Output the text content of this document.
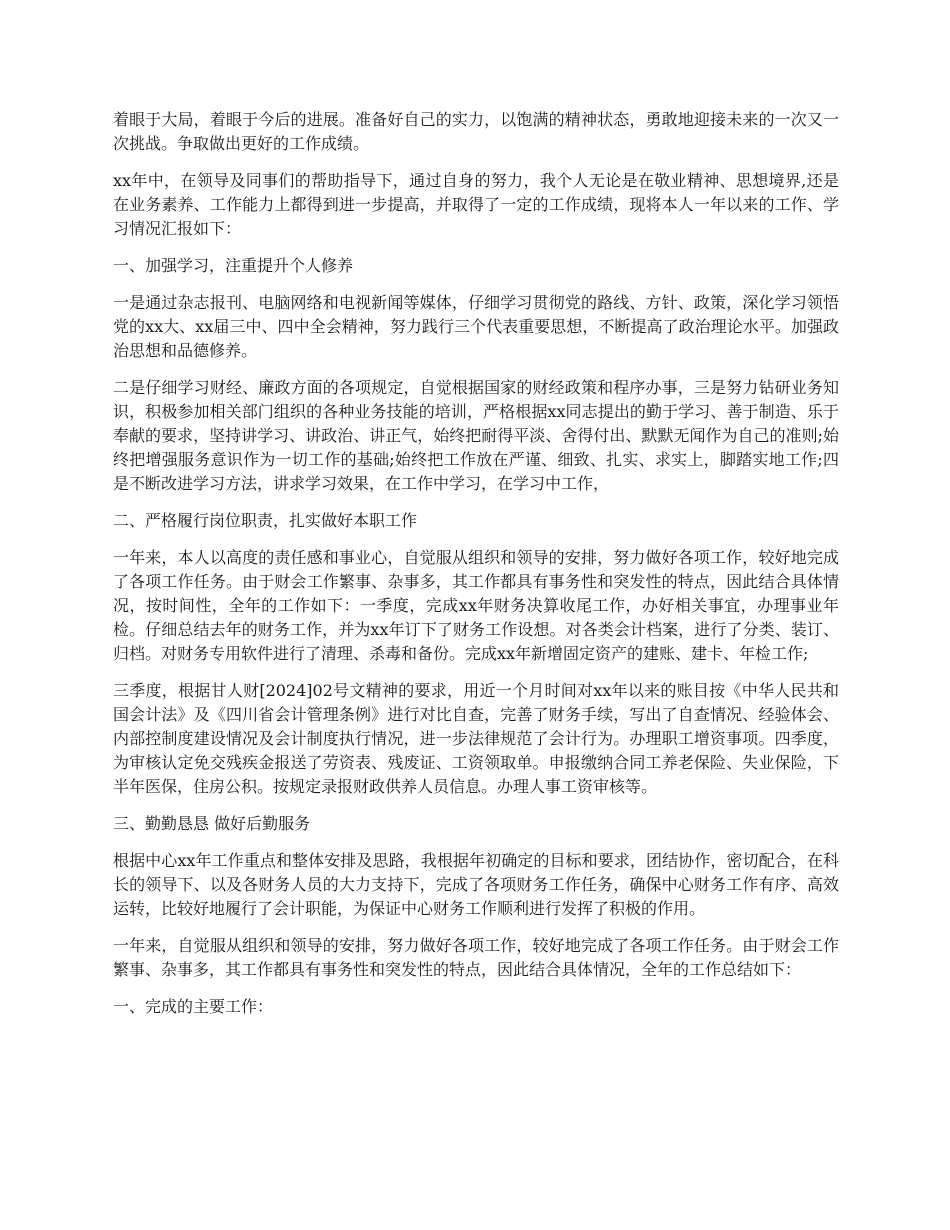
着眼于大局，着眼于今后的进展。准备好自己的实力，以饱满的精神状态，勇敢地迎接未来的一次又一次挑战。争取做出更好的工作成绩。

xx年中，在领导及同事们的帮助指导下，通过自身的努力，我个人无论是在敬业精神、思想境界,还是在业务素养、工作能力上都得到进一步提高，并取得了一定的工作成绩，现将本人一年以来的工作、学习情况汇报如下：

一、加强学习，注重提升个人修养

一是通过杂志报刊、电脑网络和电视新闻等媒体，仔细学习贯彻党的路线、方针、政策，深化学习领悟党的xx大、xx届三中、四中全会精神，努力践行三个代表重要思想，不断提高了政治理论水平。加强政治思想和品德修养。

二是仔细学习财经、廉政方面的各项规定，自觉根据国家的财经政策和程序办事，三是努力钻研业务知识，积极参加相关部门组织的各种业务技能的培训，严格根据xx同志提出的勤于学习、善于制造、乐于奉献的要求，坚持讲学习、讲政治、讲正气，始终把耐得平淡、舍得付出、默默无闻作为自己的准则;始终把增强服务意识作为一切工作的基础;始终把工作放在严谨、细致、扎实、求实上，脚踏实地工作;四是不断改进学习方法，讲求学习效果，在工作中学习，在学习中工作，

二、严格履行岗位职责，扎实做好本职工作

一年来，本人以高度的责任感和事业心，自觉服从组织和领导的安排，努力做好各项工作，较好地完成了各项工作任务。由于财会工作繁事、杂事多，其工作都具有事务性和突发性的特点，因此结合具体情况，按时间性，全年的工作如下：一季度，完成xx年财务决算收尾工作，办好相关事宜，办理事业年检。仔细总结去年的财务工作，并为xx年订下了财务工作设想。对各类会计档案，进行了分类、装订、归档。对财务专用软件进行了清理、杀毒和备份。完成xx年新增固定资产的建账、建卡、年检工作;

三季度，根据甘人财[2024]02号文精神的要求，用近一个月时间对xx年以来的账目按《中华人民共和国会计法》及《四川省会计管理条例》进行对比自查，完善了财务手续，写出了自查情况、经验体会、内部控制度建设情况及会计制度执行情况，进一步法律规范了会计行为。办理职工增资事项。四季度，为审核认定免交残疾金报送了劳资表、残废证、工资领取单。申报缴纳合同工养老保险、失业保险，下半年医保，住房公积。按规定录报财政供养人员信息。办理人事工资审核等。

三、勤勤恳恳 做好后勤服务

根据中心xx年工作重点和整体安排及思路，我根据年初确定的目标和要求，团结协作，密切配合，在科长的领导下、以及各财务人员的大力支持下，完成了各项财务工作任务，确保中心财务工作有序、高效运转，比较好地履行了会计职能，为保证中心财务工作顺利进行发挥了积极的作用。

一年来，自觉服从组织和领导的安排，努力做好各项工作，较好地完成了各项工作任务。由于财会工作繁事、杂事多，其工作都具有事务性和突发性的特点，因此结合具体情况，全年的工作总结如下：

一、完成的主要工作：
